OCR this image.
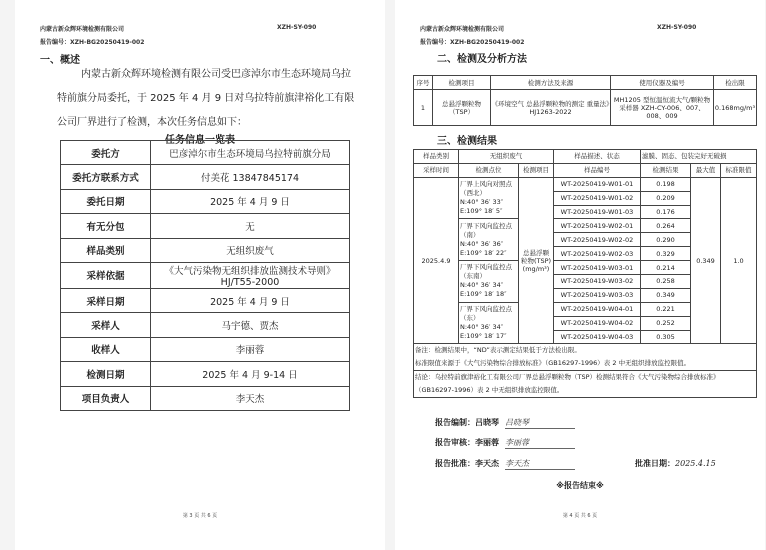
内蒙古新众辉环境检测有限公司	XZH-SY-090
报告编号：XZH-BG20250419-002
一、概述
内蒙古新众辉环境检测有限公司受巴彦淖尔市生态环境局乌拉特前旗分局委托，于 2025 年 4 月 9 日对乌拉特前旗津裕化工有限公司厂界进行了检测，本次任务信息如下：
任务信息一览表
委托方	巴彦淖尔市生态环境局乌拉特前旗分局
委托方联系方式	付美花 13847845174
委托日期	2025 年 4 月 9 日
有无分包	无
样品类别	无组织废气
采样依据	《大气污染物无组织排放监测技术导则》HJ/T55-2000
采样日期	2025 年 4 月 9 日
采样人	马宇德、贾杰
收样人	李丽蓉
检测日期	2025 年 4 月 9-14 日
项目负责人	李天杰
第 3 页 共 6 页
内蒙古新众辉环境检测有限公司	XZH-SY-090
报告编号：XZH-BG20250419-002
二、检测及分析方法
序号	检测项目	检测方法及来源	使用仪器及编号	检出限
1	总悬浮颗粒物（TSP）	《环境空气 总悬浮颗粒物的测定 重量法》HJ1263-2022	MH1205 型恒温恒流大气/颗粒物采样器 XZH-CY-006、007、008、009	0.168mg/m³
三、检测结果
样品类别	无组织废气		样品描述、状态	滤膜、固态、包装完好无破损		
采样时间	检测点位	检测项目	样品编号	检测结果	最大值	标准限值
2025.4.9	厂界上风向对照点（西北）
N:40° 36′ 33″
E:109° 18′ 5″	总悬浮颗粒物(TSP)(mg/m³)	WT-20250419-W01-01	0.198	0.349	1.0
			WT-20250419-W01-02	0.209		
			WT-20250419-W01-03	0.176		
	厂界下风向监控点（南）
N:40° 36′ 36″
E:109° 18′ 22″		WT-20250419-W02-01	0.264		
			WT-20250419-W02-02	0.290		
			WT-20250419-W02-03	0.329		
	厂界下风向监控点（东南）
N:40° 36′ 34″
E:109° 18′ 18″		WT-20250419-W03-01	0.214		
			WT-20250419-W03-02	0.258		
			WT-20250419-W03-03	0.349		
	厂界下风向监控点（东）
N:40° 36′ 34″
E:109° 18′ 17″		WT-20250419-W04-01	0.221		
			WT-20250419-W04-02	0.252		
			WT-20250419-W04-03	0.305		
备注：检测结果中，“ND”表示测定结果低于方法检出限。
标准限值来源于《大气污染物综合排放标准》（GB16297-1996）表 2 中无组织排放监控限值。						
结论：乌拉特前旗津裕化工有限公司厂界总悬浮颗粒物（TSP）检测结果符合《大气污染物综合排放标准》（GB16297-1996）表 2 中无组织排放监控限值。						
报告编制：吕晓琴 吕晓琴
报告审核：李丽蓉 李丽蓉
报告批准：李天杰 李天杰	批准日期：2025.4.15
※报告结束※
第 4 页 共 6 页
